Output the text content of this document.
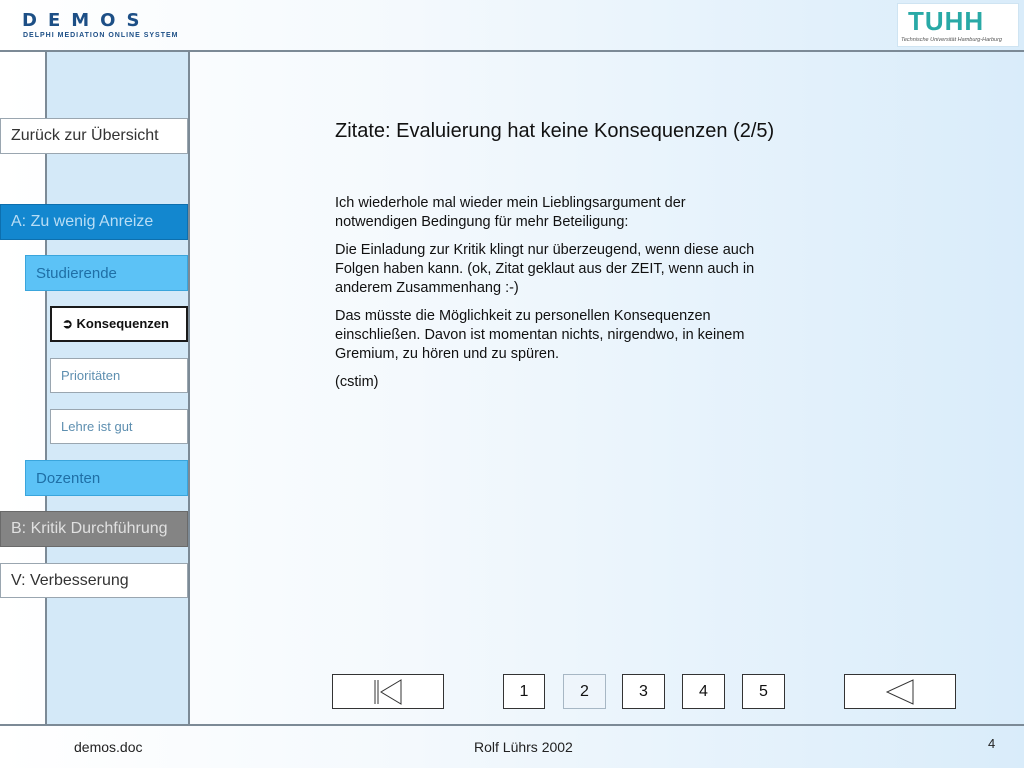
DEMOS
DELPHI MEDIATION ONLINE SYSTEM	TUHH
Technische Universität Hamburg-Harburg
Zurück zur Übersicht
A: Zu wenig Anreize
Studierende
➲ Konsequenzen
Prioritäten
Lehre ist gut
Dozenten
B: Kritik Durchführung
V: Verbesserung
Zitate: Evaluierung hat keine Konsequenzen (2/5)
Ich wiederhole mal wieder mein Lieblingsargument der notwendigen Bedingung für mehr Beteiligung:
Die Einladung zur Kritik klingt nur überzeugend, wenn diese auch Folgen haben kann. (ok, Zitat geklaut aus der ZEIT, wenn auch in anderem Zusammenhang :-)
Das müsste die Möglichkeit zu personellen Konsequenzen einschließen. Davon ist momentan nichts, nirgendwo, in keinem Gremium, zu hören und zu spüren.
(cstim)
1	2	3	4	5
demos.doc	Rolf Lührs 2002	4
